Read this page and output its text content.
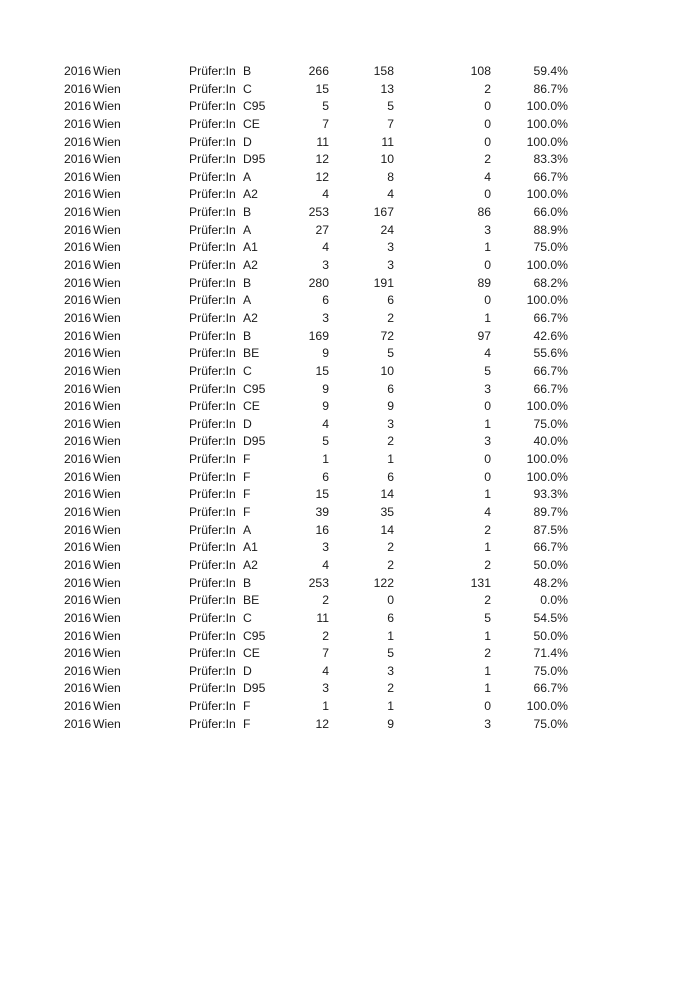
2016 Wien	Prüfer:In B	266	158	108	59.4%
2016 Wien	Prüfer:In C	15	13	2	86.7%
2016 Wien	Prüfer:In C95	5	5	0	100.0%
2016 Wien	Prüfer:In CE	7	7	0	100.0%
2016 Wien	Prüfer:In D	11	11	0	100.0%
2016 Wien	Prüfer:In D95	12	10	2	83.3%
2016 Wien	Prüfer:In A	12	8	4	66.7%
2016 Wien	Prüfer:In A2	4	4	0	100.0%
2016 Wien	Prüfer:In B	253	167	86	66.0%
2016 Wien	Prüfer:In A	27	24	3	88.9%
2016 Wien	Prüfer:In A1	4	3	1	75.0%
2016 Wien	Prüfer:In A2	3	3	0	100.0%
2016 Wien	Prüfer:In B	280	191	89	68.2%
2016 Wien	Prüfer:In A	6	6	0	100.0%
2016 Wien	Prüfer:In A2	3	2	1	66.7%
2016 Wien	Prüfer:In B	169	72	97	42.6%
2016 Wien	Prüfer:In BE	9	5	4	55.6%
2016 Wien	Prüfer:In C	15	10	5	66.7%
2016 Wien	Prüfer:In C95	9	6	3	66.7%
2016 Wien	Prüfer:In CE	9	9	0	100.0%
2016 Wien	Prüfer:In D	4	3	1	75.0%
2016 Wien	Prüfer:In D95	5	2	3	40.0%
2016 Wien	Prüfer:In F	1	1	0	100.0%
2016 Wien	Prüfer:In F	6	6	0	100.0%
2016 Wien	Prüfer:In F	15	14	1	93.3%
2016 Wien	Prüfer:In F	39	35	4	89.7%
2016 Wien	Prüfer:In A	16	14	2	87.5%
2016 Wien	Prüfer:In A1	3	2	1	66.7%
2016 Wien	Prüfer:In A2	4	2	2	50.0%
2016 Wien	Prüfer:In B	253	122	131	48.2%
2016 Wien	Prüfer:In BE	2	0	2	0.0%
2016 Wien	Prüfer:In C	11	6	5	54.5%
2016 Wien	Prüfer:In C95	2	1	1	50.0%
2016 Wien	Prüfer:In CE	7	5	2	71.4%
2016 Wien	Prüfer:In D	4	3	1	75.0%
2016 Wien	Prüfer:In D95	3	2	1	66.7%
2016 Wien	Prüfer:In F	1	1	0	100.0%
2016 Wien	Prüfer:In F	12	9	3	75.0%
